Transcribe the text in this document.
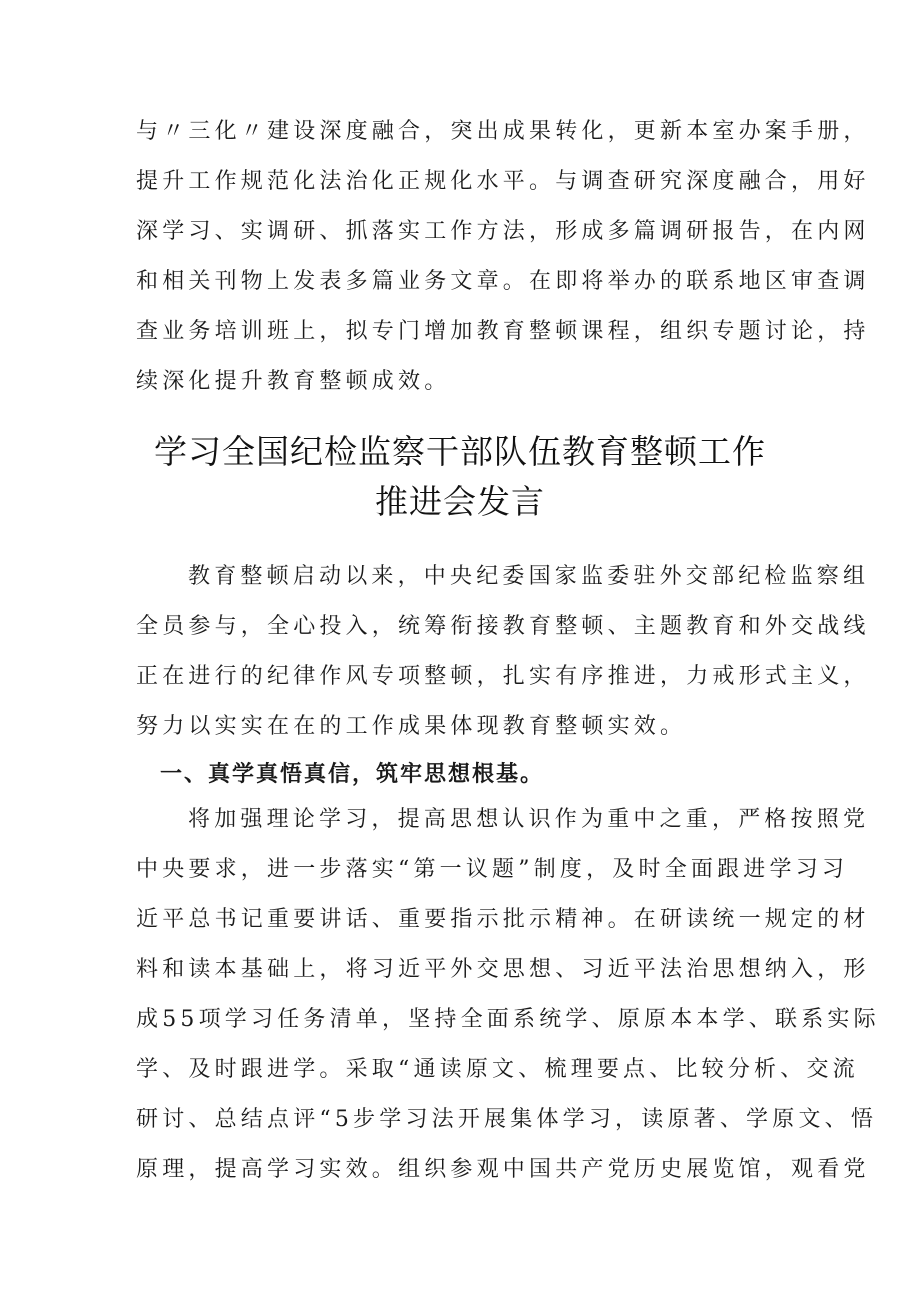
与〃三化〃建设深度融合，突出成果转化，更新本室办案手册，
提升工作规范化法治化正规化水平。与调查研究深度融合，用好
深学习、实调研、抓落实工作方法，形成多篇调研报告，在内网
和相关刊物上发表多篇业务文章。在即将举办的联系地区审查调
查业务培训班上，拟专门增加教育整顿课程，组织专题讨论，持
续深化提升教育整顿成效。
学习全国纪检监察干部队伍教育整顿工作
推进会发言
教育整顿启动以来，中央纪委国家监委驻外交部纪检监察组
全员参与，全心投入，统筹衔接教育整顿、主题教育和外交战线
正在进行的纪律作风专项整顿，扎实有序推进，力戒形式主义，
努力以实实在在的工作成果体现教育整顿实效。
一、真学真悟真信，筑牢思想根基。
将加强理论学习，提高思想认识作为重中之重，严格按照党
中央要求，进一步落实“第一议题”制度，及时全面跟进学习习
近平总书记重要讲话、重要指示批示精神。在研读统一规定的材
料和读本基础上，将习近平外交思想、习近平法治思想纳入，形
成55项学习任务清单，坚持全面系统学、原原本本学、联系实际
学、及时跟进学。采取“通读原文、梳理要点、比较分析、交流
研讨、总结点评“5步学习法开展集体学习，读原著、学原文、悟
原理，提高学习实效。组织参观中国共产党历史展览馆，观看党
